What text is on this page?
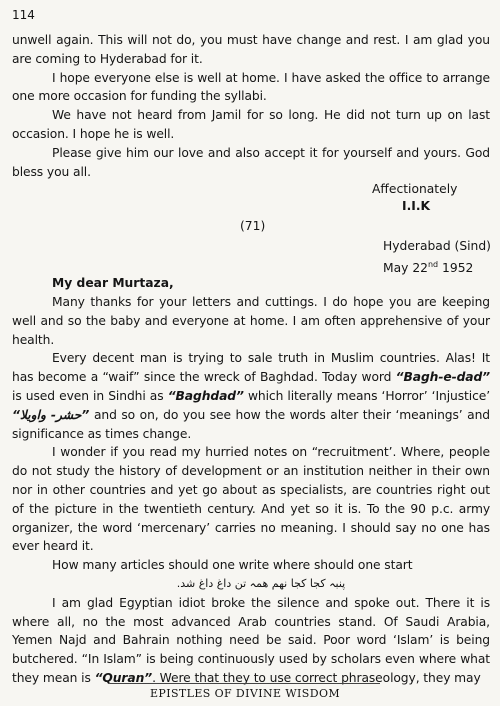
114

unwell again. This will not do, you must have change and rest. I am glad you are coming to Hyderabad for it.

I hope everyone else is well at home. I have asked the office to arrange one more occasion for funding the syllabi.

We have not heard from Jamil for so long. He did not turn up on last occasion. I hope he is well.

Please give him our love and also accept it for yourself and yours. God bless you all.

Affectionately
I.I.K
(71)
Hyderabad (Sind)
May 22nd 1952
My dear Murtaza,

Many thanks for your letters and cuttings. I do hope you are keeping well and so the baby and everyone at home. I am often apprehensive of your health.

Every decent man is trying to sale truth in Muslim countries. Alas! It has become a “waif” since the wreck of Baghdad. Today word “Bagh-e-dad” is used even in Sindhi as “Baghdad” which literally means ‘Horror’ ‘Injustice’ “حشر- واویلا” and so on, do you see how the words alter their ‘meanings’ and significance as times change.

I wonder if you read my hurried notes on “recruitment’. Where, people do not study the history of development or an institution neither in their own nor in other countries and yet go about as specialists, are countries right out of the picture in the twentieth century. And yet so it is. To the 90 p.c. army organizer, the word ‘mercenary’ carries no meaning. I should say no one has ever heard it.

How many articles should one write where should one start

پنبہ کجا کجا نھم ھمہ تن داغ داغ شد.

I am glad Egyptian idiot broke the silence and spoke out. There it is where all, no the most advanced Arab countries stand. Of Saudi Arabia, Yemen Najd and Bahrain nothing need be said. Poor word ‘Islam’ is being butchered. “In Islam” is being continuously used by scholars even where what they mean is “Quran”. Were that they to use correct phraseology, they may

EPISTLES OF DIVINE WISDOM
